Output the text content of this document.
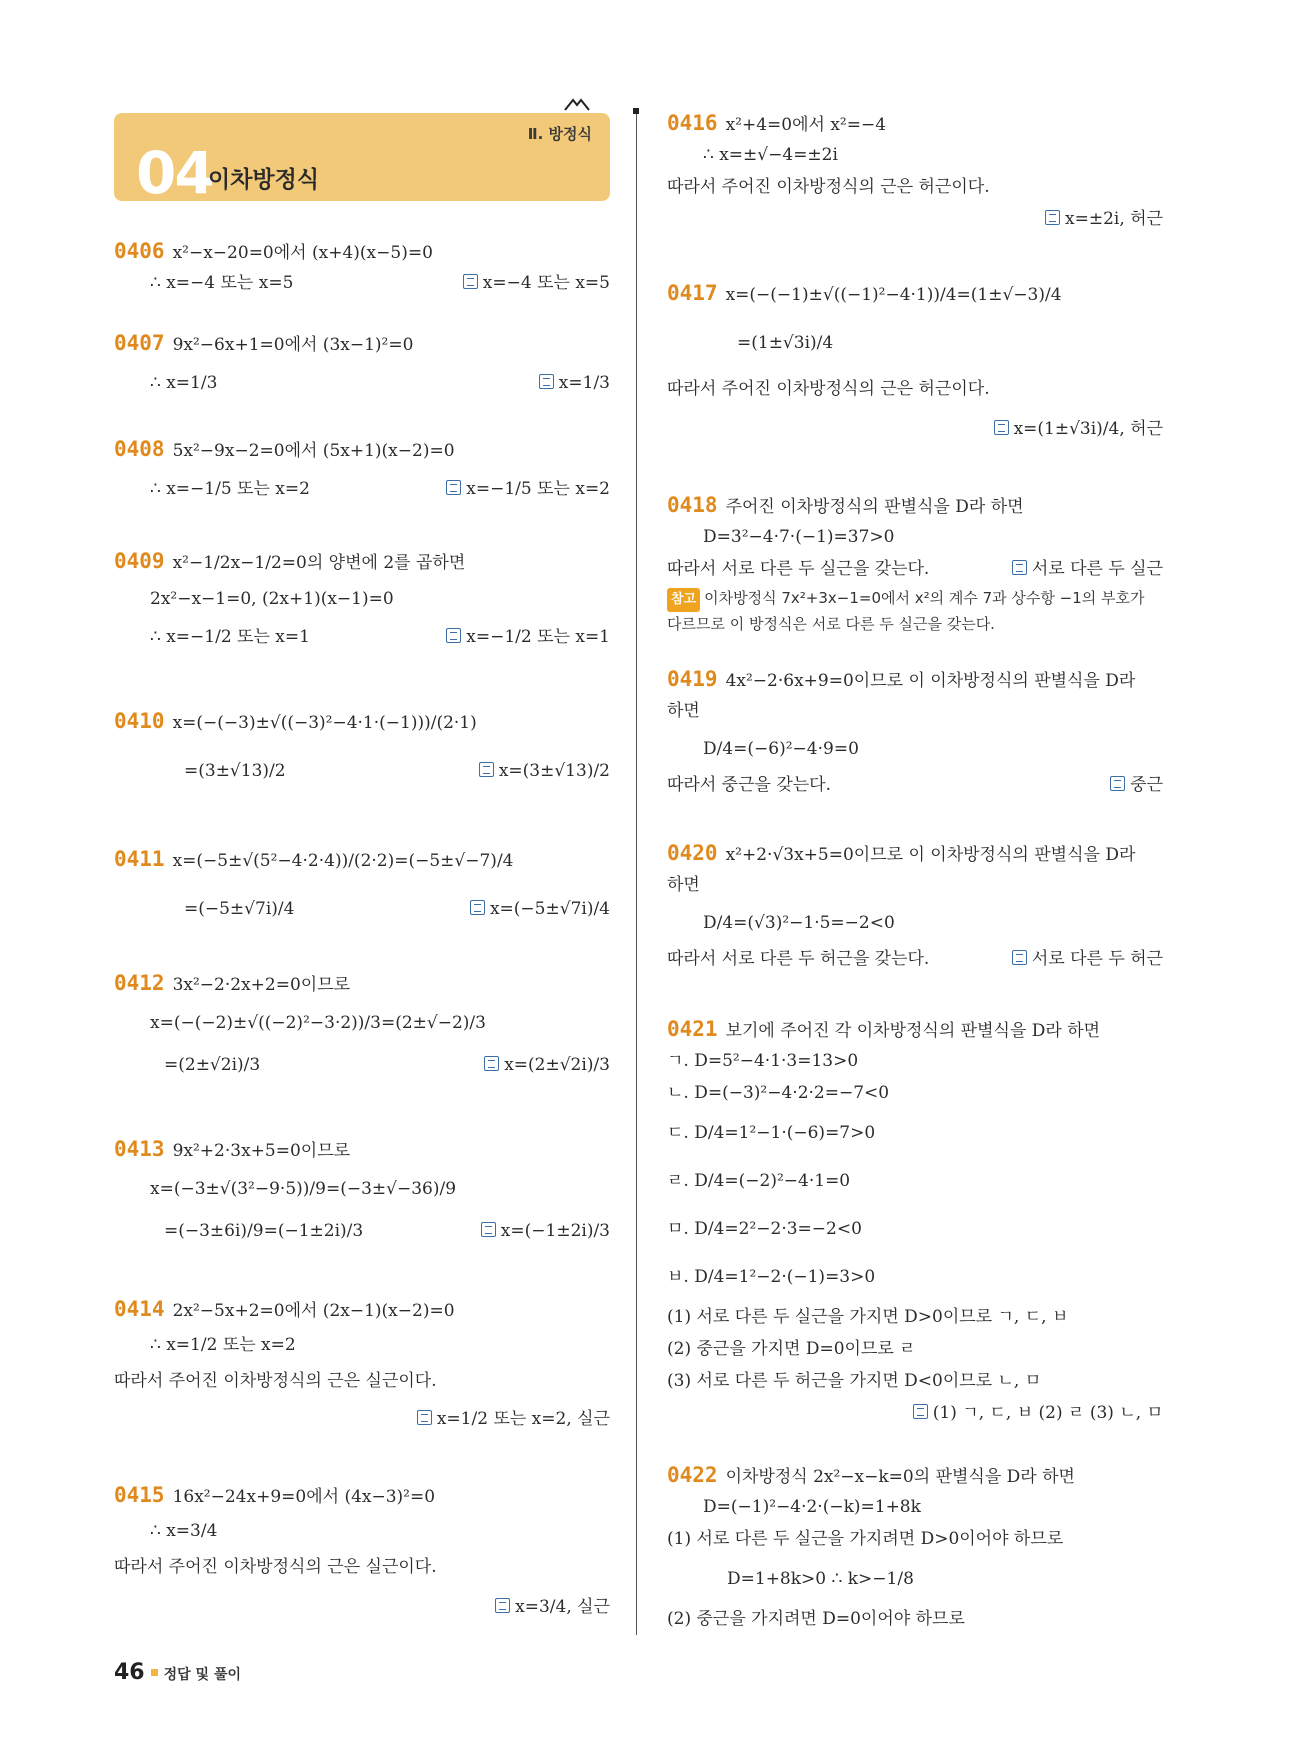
Ⅱ. 방정식
04
이차방정식
0406 x²−x−20=0에서 (x+4)(x−5)=0
∴ x=−4 또는 x=5	x=−4 또는 x=5
0407 9x²−6x+1=0에서 (3x−1)²=0
∴ x=1/3	x=1/3
0408 5x²−9x−2=0에서 (5x+1)(x−2)=0
∴ x=−1/5 또는 x=2	x=−1/5 또는 x=2
0409 x²−1/2x−1/2=0의 양변에 2를 곱하면
2x²−x−1=0, (2x+1)(x−1)=0
∴ x=−1/2 또는 x=1	x=−1/2 또는 x=1
0410 x=(−(−3)±√((−3)²−4·1·(−1)))/(2·1)
=(3±√13)/2	x=(3±√13)/2
0411 x=(−5±√(5²−4·2·4))/(2·2)=(−5±√−7)/4
=(−5±√7i)/4	x=(−5±√7i)/4
0412 3x²−2·2x+2=0이므로
x=(−(−2)±√((−2)²−3·2))/3=(2±√−2)/3
=(2±√2i)/3	x=(2±√2i)/3
0413 9x²+2·3x+5=0이므로
x=(−3±√(3²−9·5))/9=(−3±√−36)/9
=(−3±6i)/9=(−1±2i)/3	x=(−1±2i)/3
0414 2x²−5x+2=0에서 (2x−1)(x−2)=0
∴ x=1/2 또는 x=2
따라서 주어진 이차방정식의 근은 실근이다.
x=1/2 또는 x=2, 실근
0415 16x²−24x+9=0에서 (4x−3)²=0
∴ x=3/4
따라서 주어진 이차방정식의 근은 실근이다.
x=3/4, 실근
0416 x²+4=0에서 x²=−4
∴ x=±√−4=±2i
따라서 주어진 이차방정식의 근은 허근이다.
x=±2i, 허근
0417 x=(−(−1)±√((−1)²−4·1))/4=(1±√−3)/4
=(1±√3i)/4
따라서 주어진 이차방정식의 근은 허근이다.
x=(1±√3i)/4, 허근
0418 주어진 이차방정식의 판별식을 D라 하면
D=3²−4·7·(−1)=37>0
따라서 서로 다른 두 실근을 갖는다.	서로 다른 두 실근
참고 이차방정식 7x²+3x−1=0에서 x²의 계수 7과 상수항 −1의 부호가 다르므로 이 방정식은 서로 다른 두 실근을 갖는다.
0419 4x²−2·6x+9=0이므로 이 이차방정식의 판별식을 D라
하면
D/4=(−6)²−4·9=0
따라서 중근을 갖는다.	중근
0420 x²+2·√3x+5=0이므로 이 이차방정식의 판별식을 D라
하면
D/4=(√3)²−1·5=−2<0
따라서 서로 다른 두 허근을 갖는다.	서로 다른 두 허근
0421 보기에 주어진 각 이차방정식의 판별식을 D라 하면
ㄱ. D=5²−4·1·3=13>0
ㄴ. D=(−3)²−4·2·2=−7<0
ㄷ. D/4=1²−1·(−6)=7>0
ㄹ. D/4=(−2)²−4·1=0
ㅁ. D/4=2²−2·3=−2<0
ㅂ. D/4=1²−2·(−1)=3>0
(1) 서로 다른 두 실근을 가지면 D>0이므로 ㄱ, ㄷ, ㅂ
(2) 중근을 가지면 D=0이므로 ㄹ
(3) 서로 다른 두 허근을 가지면 D<0이므로 ㄴ, ㅁ
(1) ㄱ, ㄷ, ㅂ (2) ㄹ (3) ㄴ, ㅁ
0422 이차방정식 2x²−x−k=0의 판별식을 D라 하면
D=(−1)²−4·2·(−k)=1+8k
(1) 서로 다른 두 실근을 가지려면 D>0이어야 하므로
D=1+8k>0 ∴ k>−1/8
(2) 중근을 가지려면 D=0이어야 하므로
46 정답 및 풀이
